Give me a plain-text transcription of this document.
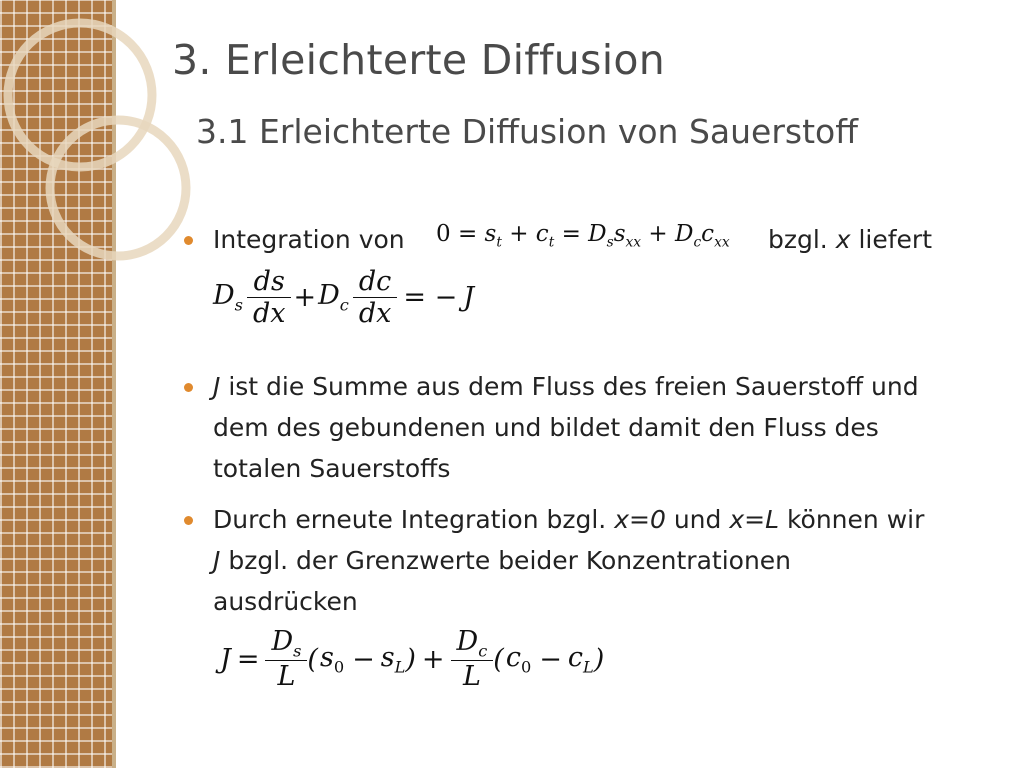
3. Erleichterte Diffusion
3.1 Erleichterte Diffusion von Sauerstoff
Integration von $0 = s_t + c_t = D_ss_{xx} + D_cc_{xx}$ bzgl. x liefert
$D_s \frac{ds}{dx} + D_c \frac{dc}{dx}$ = − J
J ist die Summe aus dem Fluss des freien Sauerstoff und
dem des gebundenen und bildet damit den Fluss des
totalen Sauerstoffs
Durch erneute Integration bzgl. x=0 und x=L können wir
J bzgl. der Grenzwerte beider Konzentrationen
ausdrücken
$J = \frac{D_s}{L}$ ( $s_0 - s_L$ ) + $\frac{D_c}{L}$ ( $c_0 - c_L$ )
